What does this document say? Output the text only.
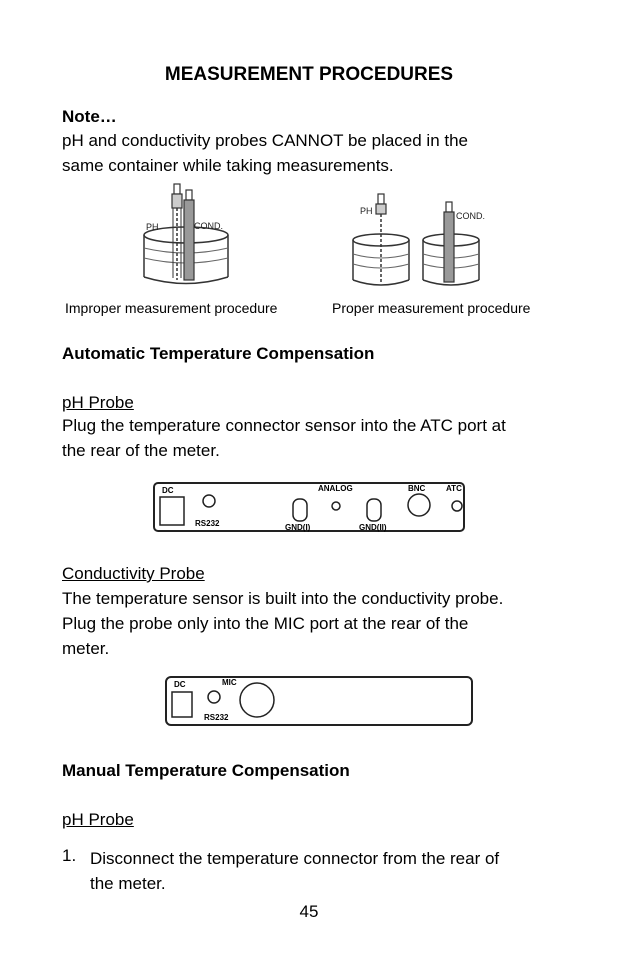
MEASUREMENT PROCEDURES
Note…
pH and conductivity probes CANNOT be placed in the
same container while taking measurements.
PH	COND.
PH	COND.
Improper measurement procedure	Proper measurement procedure
Automatic Temperature Compensation
pH Probe
Plug the temperature connector sensor into the ATC port at
the rear of the meter.
DC
RS232
ANALOG	BNC	ATC
GND(I)	GND(II)
Conductivity Probe
The temperature sensor is built into the conductivity probe.
Plug the probe only into the MIC port at the rear of the
meter.
DC	MIC
RS232
Manual Temperature Compensation
pH Probe
1. Disconnect the temperature connector from the rear of
the meter.
45
